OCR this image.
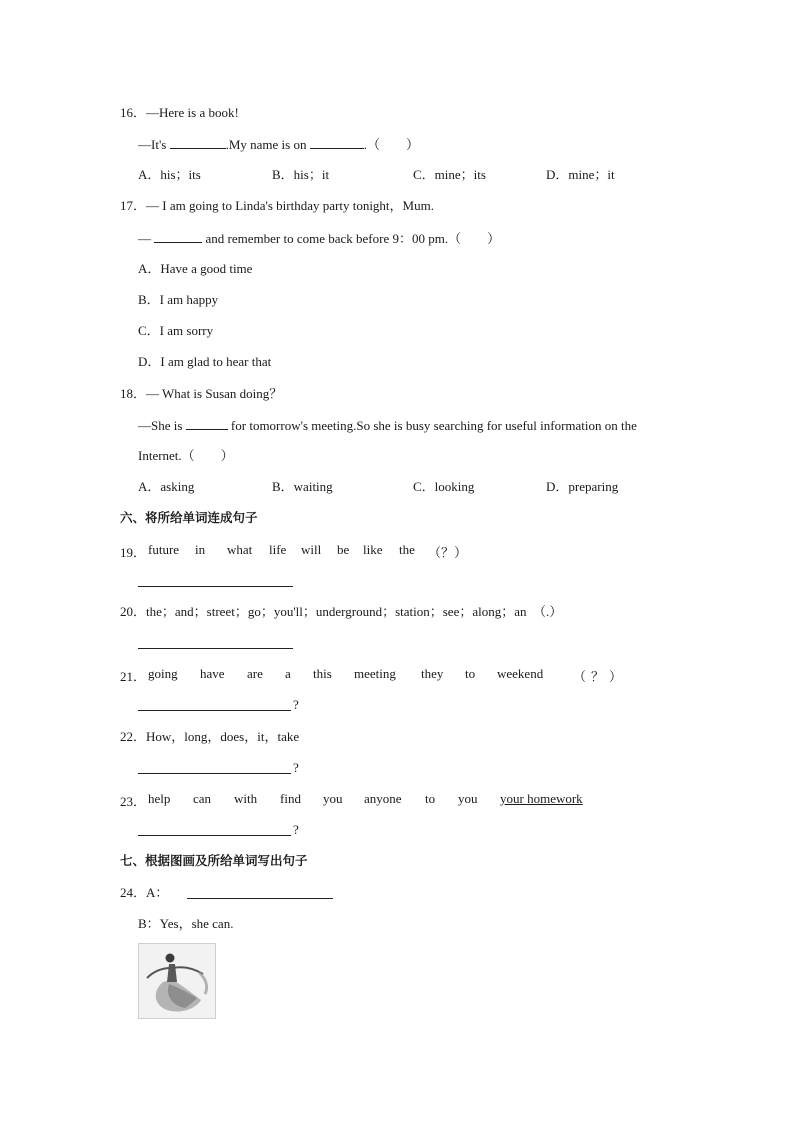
16．—Here is a book!
—It's	.My name is on	.（　　）
A．his；its	B．his；it	C．mine；its	D．mine；it
17．— I am going to Linda's birthday party tonight，Mum.
—	and remember to come back before 9：00 pm.（　　）
A．Have a good time
B．I am happy
C．I am sorry
D．I am glad to hear that
18．— What is Susan doing？
—She is	for tomorrow's meeting.So she is busy searching for useful information on the
Internet.（　　）
A．asking	B．waiting	C．looking	D．preparing
六、将所给单词连成句子
19． future in what life will be like the （？）
20．the；and；street；go；you'll；underground；station；see；along；an　（.）
21． going have are a this meeting they to weekend （ ？ ）
?
22．How，long，does，it，take
?
23． help can with find you anyone to you your homework
?
七、根据图画及所给单词写出句子
24．A：
B：Yes，she can.
